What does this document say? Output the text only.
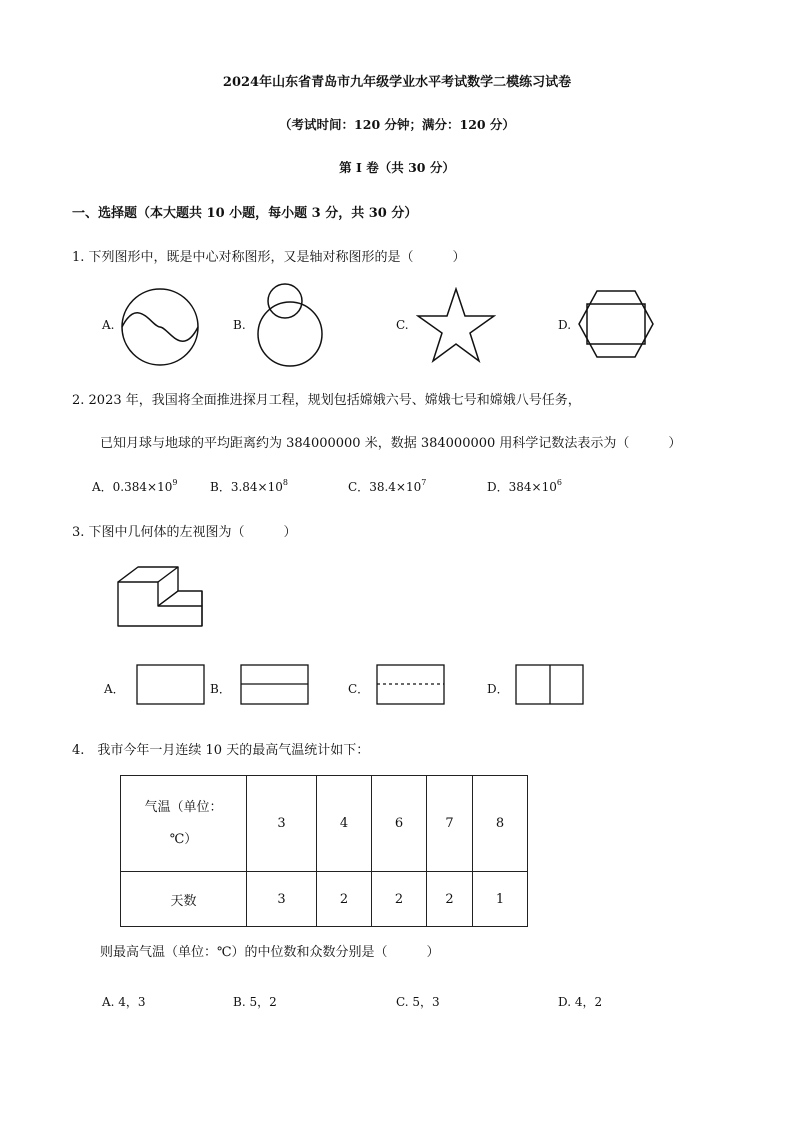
2024年山东省青岛市九年级学业水平考试数学二模练习试卷
（考试时间：120 分钟；满分：120 分）
第 I 卷（共 30 分）
一、选择题（本大题共 10 小题，每小题 3 分，共 30 分）
1. 下列图形中，既是中心对称图形，又是轴对称图形的是（　　　）
A.	B.	C.	D.
2. 2023 年，我国将全面推进探月工程，规划包括嫦娥六号、嫦娥七号和嫦娥八号任务，
已知月球与地球的平均距离约为 384000000 米，数据 384000000 用科学记数法表示为（　　　）
A．$0.384\times 10^9$	B．$3.84\times 10^8$	C．$38.4\times 10^7$	D．$384\times 10^6$
3. 下图中几何体的左视图为（　　　）
A．	B．	C．	D．
4.　我市今年一月连续 10 天的最高气温统计如下：
气温（单位：
℃）	3	4	6	7	8
天数	3	2	2	2	1
则最高气温（单位：℃）的中位数和众数分别是（　　　）
A. 4，3	B. 5，2	C. 5，3	D. 4，2
